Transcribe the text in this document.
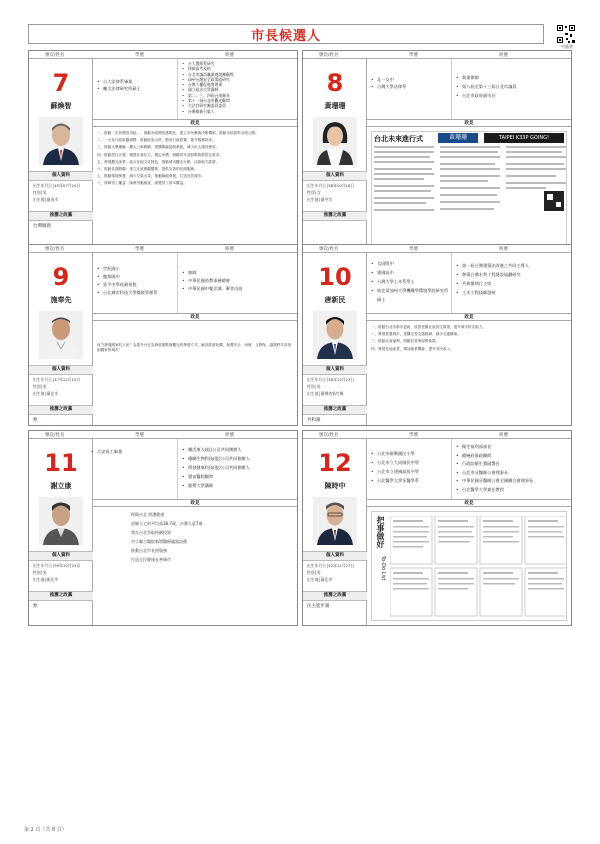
市長候選人
中選會
號次/姓名	學歷	經歷
7
蘇煥智
個人資料
出生年月日│45年07月20日
性別│男
出生地│臺南市
推薦之政黨
台灣維新
• 台大法律系畢業
• 輔大法律研究所碩士
• 台大農經系研究
• 律師高考及格
• 台北市議員職業遊說團顧問
• DPP台灣安全政策組研究
• 台灣人權促進會理事
• 國立政治大學講師
• 第二、三、四屆台南縣長
• 第十一屆台北市觀光顧問
• 大法官研究團委員委員
• 台灣維新召集人
政見

一、推動「市民開放市政」：推動市政開放透明化，建立市民參與決策機制，推動市政資料全面公開。

二、一元化行政區劃調整：推動區里合併，節省行政經費，提升服務效率。

三、推動大眾運輸：擴大公車路網，建構無縫接駁系統，減少私人運具使用。

四、推動居住正義：興建社會住宅，穩定房價，照顧青年及弱勢族群居住需求。

五、發展觀光產業：結合在地文化特色，推動城市觀光行銷，活絡地方經濟。

六、推動長期照顧：建立社區照顧體系，提供完善的長照服務。

七、推動環境保護：減少空氣污染，推動綠能發展，打造宜居城市。

八、保障勞工權益：落實勞動檢查，維護勞工基本權益。

號次/姓名	學歷	經歷
8
黃珊珊
個人資料
出生年月日│58年10月18日
性別│女
出生地│臺中市
推薦之政黨
• 北一女中
• 台灣大學法律系
• 執業律師
• 第八屆至第十三屆台北市議員
• 台北市政府副市長
政見
台北未來進行式	黃珊珊	TAIPEI K33P GOING!
號次/姓名	學歷	經歷
9
施奉先
個人資料
出生年月日│47年12月10日
性別│男
出生地│臺北市
推薦之政黨
無
• 世紀國小
• 龍翔國中
• 延平中學夜補習校
• 台北城市科技大學餐飲管理系
• 廚師
• 中華民國道教事務總會
• 中華民國中餐烹調．葷食丙級
政見

致力發展國家的人民！為提升台北為發展重點與觀光的發展方式，解決經濟危機，保護安全、治理、文教保，讓我們共同再創國家的城市！

號次/姓名	學歷	經歷
10
唐新民
個人資料
出生年月日│58年12月23日
性別│男
出生地│臺灣省新竹縣
推薦之政黨
共和黨
• 太同附中
• 建國高中
• 台灣大學土木系學士
• 柏克萊加州大學機構學環境學院研究所碩士
• 第一屆台灣建築法改進之共同主導人
• 參與台灣水利工程建設規劃研究
• 共和黨執行主席
• 土木工程技師證照
政見

一、推動台北市都市更新，改善老舊社區居住環境，提升城市防災能力。

二、發展智慧城市，建構完善交通路網，減少交通擁塞。

三、推動社會福利，照顧長者與弱勢族群。

四、發展在地產業，增加就業機會，提升市民收入。

號次/姓名	學歷	經歷
11
謝立康
個人資料
出生年月日│59年10月23日
性別│男
出生地│新北市
推薦之政黨
無
• 大安高工畢業
•	樂活康人(股)公司共同創辦人
• 優聯生物科技(股)公司共同創辦人
• 傳發健康科技(股)公司共同創辦人
• 覺宙醫院顧問
• 銘傳大學講師
政見

捍衛台北 照護健康

頂層人宅前平均高38.7歲，台灣人是7歲

我在台北爭取持續投資

市立聯合醫院新增醫療儀器設備

推動台北市長照服務

打造全民健康友善城市

號次/姓名	學歷	經歷
12
陳時中
個人資料
出生年月日│42年11月27日
性別│男
出生地│臺北市
推薦之政黨
民主進步黨
• 台北市新興國民小學
• 台北市立大同國民中學
• 台北市立建國高級中學
• 台北醫學大學牙醫學系
• 衛生福利部部長
• 總統府資政顧問
• 行政院衛生署副署長
• 台北市牙醫師公會理事長
• 中華民國牙醫師公會全國聯合會理事長
• 台北醫學大學兼任教授
政見
把事做好
To-Do List
第 2 頁（共 8 頁）
